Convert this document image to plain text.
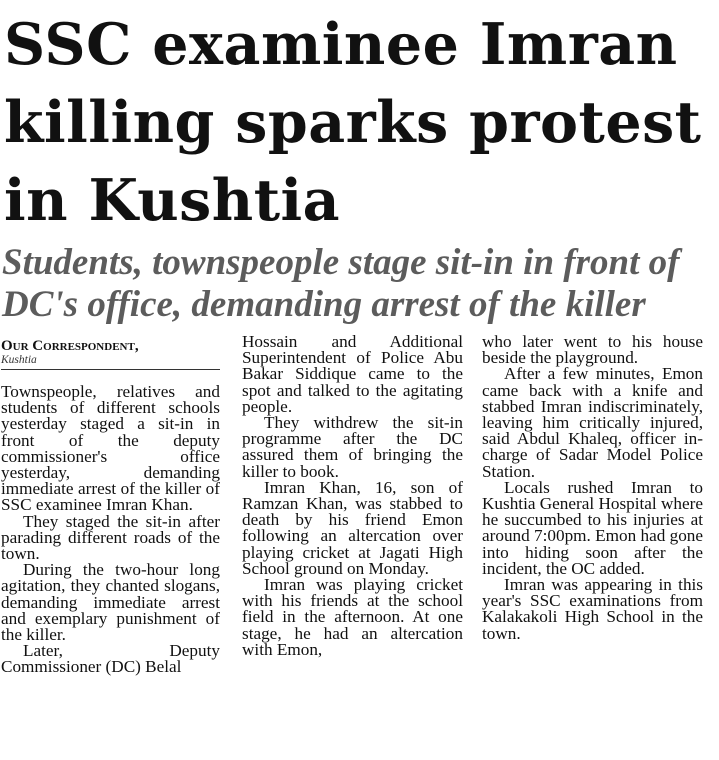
SSC examinee Imran killing sparks protest in Kushtia
Students, townspeople stage sit-in in front of DC's office, demanding arrest of the killer
Our Correspondent,
Kushtia

Townspeople, relatives and students of different schools yesterday staged a sit-in in front of the deputy commissioner's office yesterday, demanding immediate arrest of the killer of SSC examinee Imran Khan.

They staged the sit-in after parading different roads of the town.

During the two-hour long agitation, they chanted slogans, demanding immediate arrest and exemplary punishment of the killer.

Later, Deputy Commissioner (DC) Belal

Hossain and Additional Superintendent of Police Abu Bakar Siddique came to the spot and talked to the agitating people.

They withdrew the sit-in programme after the DC assured them of bringing the killer to book.

Imran Khan, 16, son of Ramzan Khan, was stabbed to death by his friend Emon following an altercation over playing cricket at Jagati High School ground on Monday.

Imran was playing cricket with his friends at the school field in the afternoon. At one stage, he had an altercation with Emon,

who later went to his house beside the playground.

After a few minutes, Emon came back with a knife and stabbed Imran indiscriminately, leaving him critically injured, said Abdul Khaleq, officer in-charge of Sadar Model Police Station.

Locals rushed Imran to Kushtia General Hospital where he succumbed to his injuries at around 7:00pm. Emon had gone into hiding soon after the incident, the OC added.

Imran was appearing in this year's SSC examinations from Kalakakoli High School in the town.
